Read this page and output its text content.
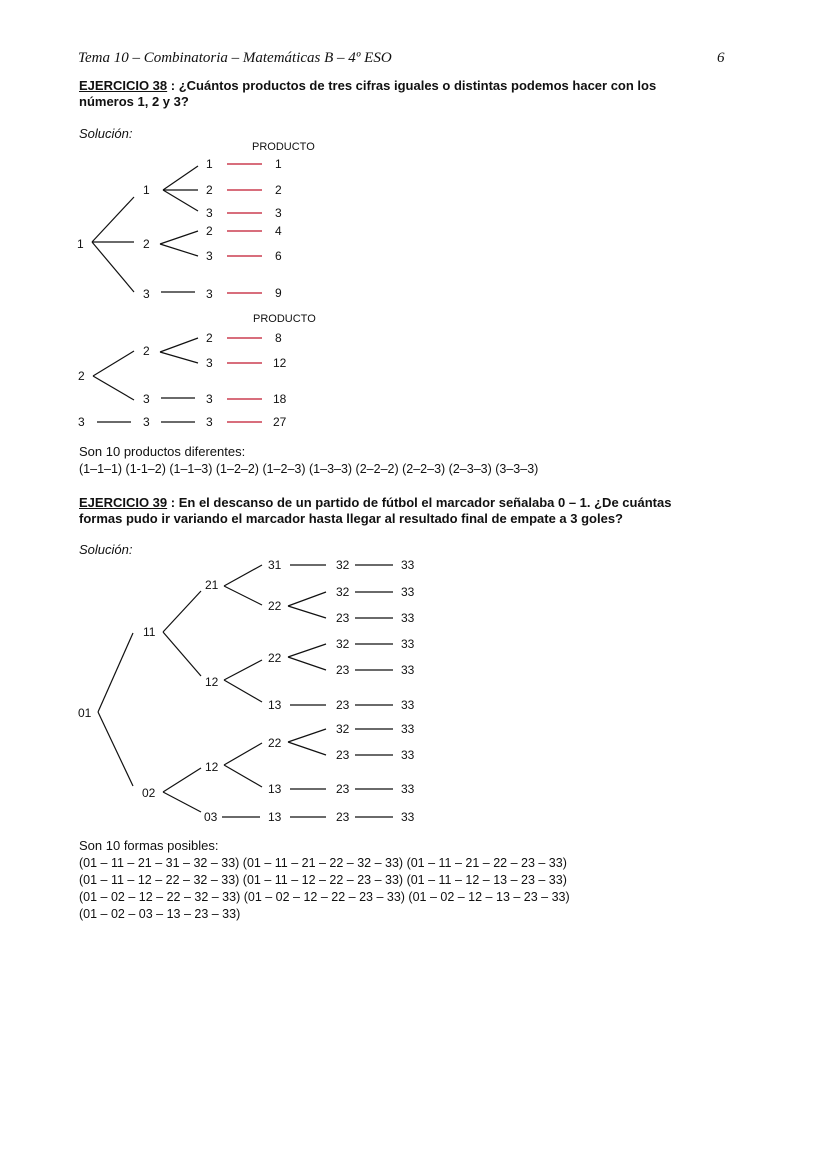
Tema 10 – Combinatoria – Matemáticas B – 4º ESO	6
EJERCICIO 38 : ¿Cuántos productos de tres cifras iguales o distintas podemos hacer con los
números 1, 2 y 3?
Solución:
PRODUCTO
1
1
2
3
1
2
3
2
3
3
1
2
3
4
6
9
PRODUCTO
2
2
3
2
3
3
8
12
18
3	3	3	27
01
11
02
21
12
12
03
31
22
22
13
22
13
13
32
32
23
32
23
23
32
23
23
23
33
33
33
33
33
33
33
33
33
33
Son 10 productos diferentes:
(1–1–1) (1-1–2) (1–1–3) (1–2–2) (1–2–3) (1–3–3) (2–2–2) (2–2–3) (2–3–3) (3–3–3)
EJERCICIO 39 : En el descanso de un partido de fútbol el marcador señalaba 0 – 1. ¿De cuántas
formas pudo ir variando el marcador hasta llegar al resultado final de empate a 3 goles?
Solución:
Son 10 formas posibles:
(01 – 11 – 21 – 31 – 32 – 33) (01 – 11 – 21 – 22 – 32 – 33) (01 – 11 – 21 – 22 – 23 – 33)
(01 – 11 – 12 – 22 – 32 – 33) (01 – 11 – 12 – 22 – 23 – 33) (01 – 11 – 12 – 13 – 23 – 33)
(01 – 02 – 12 – 22 – 32 – 33) (01 – 02 – 12 – 22 – 23 – 33) (01 – 02 – 12 – 13 – 23 – 33)
(01 – 02 – 03 – 13 – 23 – 33)
